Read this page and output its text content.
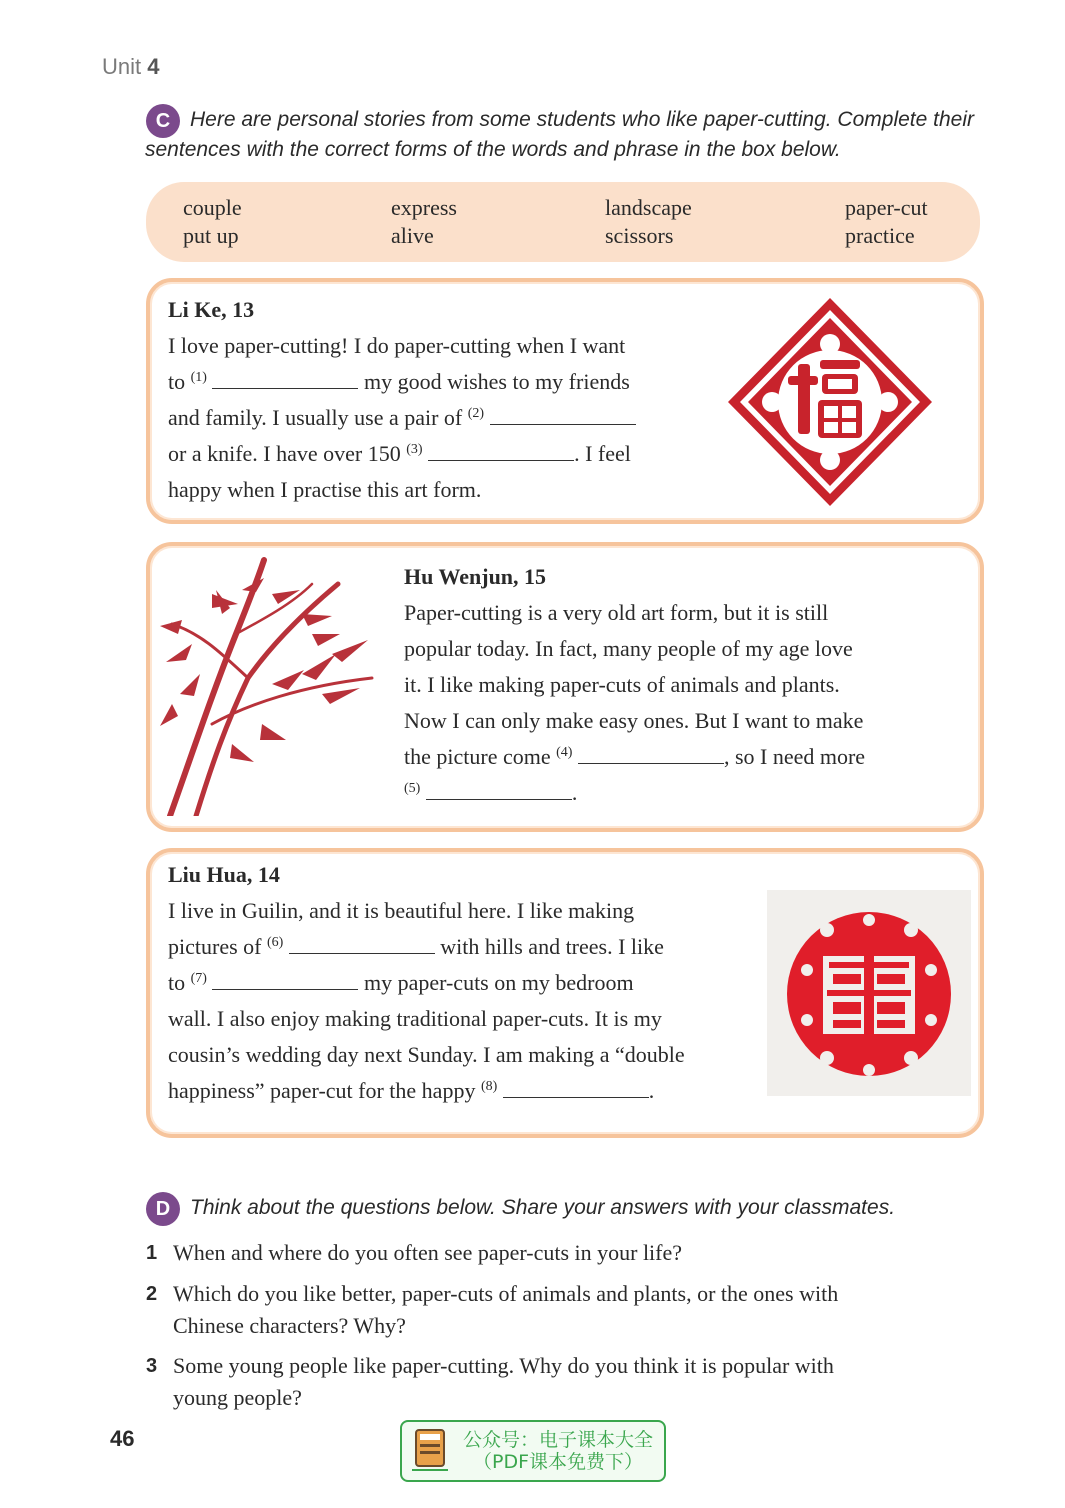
Unit 4
C Here are personal stories from some students who like paper-cutting. Complete their
sentences with the correct forms of the words and phrase in the box below.
couple
put up
express
alive
landscape
scissors
paper-cut
practice
Li Ke, 13
I love paper-cutting! I do paper-cutting when I want
to $^{(1)}$	my good wishes to my friends
and family. I usually use a pair of $^{(2)}$
or a knife. I have over 150 $^{(3)}$	. I feel
happy when I practise this art form.
Hu Wenjun, 15
Paper-cutting is a very old art form, but it is still
popular today. In fact, many people of my age love
it. I like making paper-cuts of animals and plants.
Now I can only make easy ones. But I want to make
the picture come $^{(4)}$	, so I need more
$^{(5)}$	.
Liu Hua, 14
I live in Guilin, and it is beautiful here. I like making
pictures of $^{(6)}$	with hills and trees. I like
to $^{(7)}$	my paper-cuts on my bedroom
wall. I also enjoy making traditional paper-cuts. It is my
cousin’s wedding day next Sunday. I am making a “double
happiness” paper-cut for the happy $^{(8)}$	.
D Think about the questions below. Share your answers with your classmates.
1 When and where do you often see paper-cuts in your life?
2 Which do you like better, paper-cuts of animals and plants, or the ones with
Chinese characters? Why?
3 Some young people like paper-cutting. Why do you think it is popular with
young people?
46	公众号：电子课本大全
（PDF课本免费下）
